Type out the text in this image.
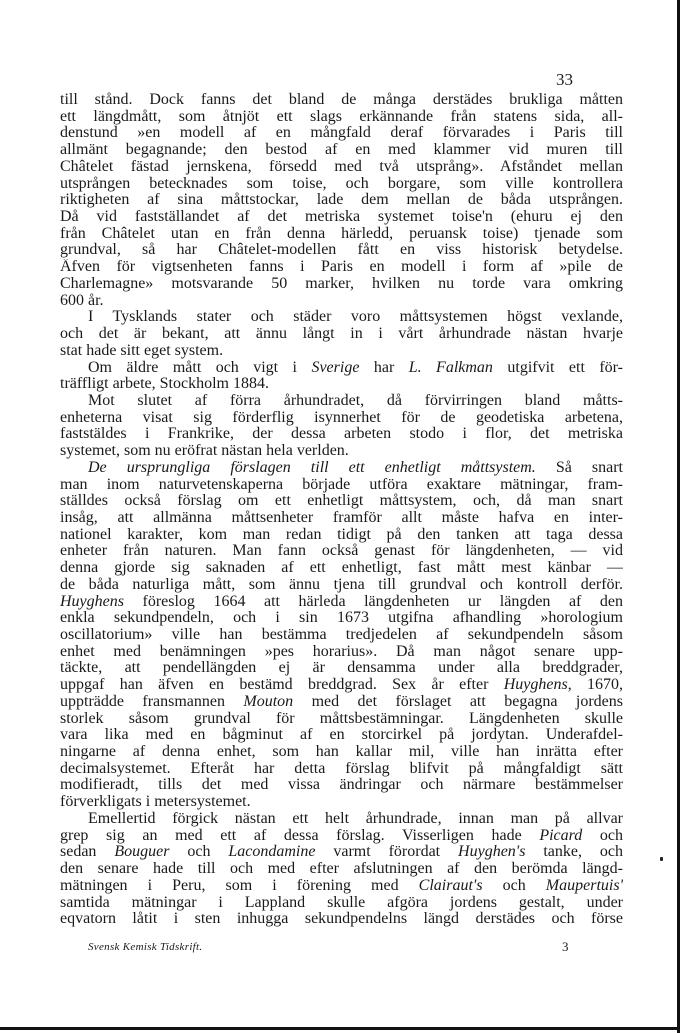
33
till stånd. Dock fanns det bland de många derstädes brukliga måtten
ett längdmått, som åtnjöt ett slags erkännande från statens sida, all-
denstund »en modell af en mångfald deraf förvarades i Paris till
allmänt begagnande; den bestod af en med klammer vid muren till
Châtelet fästad jernskena, försedd med två utsprång». Afståndet mellan
utsprången betecknades som toise, och borgare, som ville kontrollera
riktigheten af sina måttstockar, lade dem mellan de båda utsprången.
Då vid fastställandet af det metriska systemet toise'n (ehuru ej den
från Châtelet utan en från denna härledd, peruansk toise) tjenade som
grundval, så har Châtelet-modellen fått en viss historisk betydelse.
Äfven för vigtsenheten fanns i Paris en modell i form af »pile de
Charlemagne» motsvarande 50 marker, hvilken nu torde vara omkring
600 år.
I Tysklands stater och städer voro måttsystemen högst vexlande,
och det är bekant, att ännu långt in i vårt århundrade nästan hvarje
stat hade sitt eget system.
Om äldre mått och vigt i Sverige har L. Falkman utgifvit ett för-
träffligt arbete, Stockholm 1884.
Mot slutet af förra århundradet, då förvirringen bland måtts-
enheterna visat sig förderflig isynnerhet för de geodetiska arbetena,
faststäldes i Frankrike, der dessa arbeten stodo i flor, det metriska
systemet, som nu eröfrat nästan hela verlden.
De ursprungliga förslagen till ett enhetligt måttsystem. Så snart
man inom naturvetenskaperna började utföra exaktare mätningar, fram-
ställdes också förslag om ett enhetligt måttsystem, och, då man snart
insåg, att allmänna måttsenheter framför allt måste hafva en inter-
nationel karakter, kom man redan tidigt på den tanken att taga dessa
enheter från naturen. Man fann också genast för längdenheten, — vid
denna gjorde sig saknaden af ett enhetligt, fast mått mest känbar —
de båda naturliga mått, som ännu tjena till grundval och kontroll derför.
Huyghens föreslog 1664 att härleda längdenheten ur längden af den
enkla sekundpendeln, och i sin 1673 utgifna afhandling »horologium
oscillatorium» ville han bestämma tredjedelen af sekundpendeln såsom
enhet med benämningen »pes horarius». Då man något senare upp-
täckte, att pendellängden ej är densamma under alla breddgrader,
uppgaf han äfven en bestämd breddgrad. Sex år efter Huyghens, 1670,
uppträdde fransmannen Mouton med det förslaget att begagna jordens
storlek såsom grundval för måttsbestämningar. Längdenheten skulle
vara lika med en bågminut af en storcirkel på jordytan. Underafdel-
ningarne af denna enhet, som han kallar mil, ville han inrätta efter
decimalsystemet. Efteråt har detta förslag blifvit på mångfaldigt sätt
modifieradt, tills det med vissa ändringar och närmare bestämmelser
förverkligats i metersystemet.
Emellertid förgick nästan ett helt århundrade, innan man på allvar
grep sig an med ett af dessa förslag. Visserligen hade Picard och
sedan Bouguer och Lacondamine varmt förordat Huyghen's tanke, och
den senare hade till och med efter afslutningen af den berömda längd-
mätningen i Peru, som i förening med Clairaut's och Maupertuis'
samtida mätningar i Lappland skulle afgöra jordens gestalt, under
eqvatorn låtit i sten inhugga sekundpendelns längd derstädes och förse
Svensk Kemisk Tidskrift.	3
